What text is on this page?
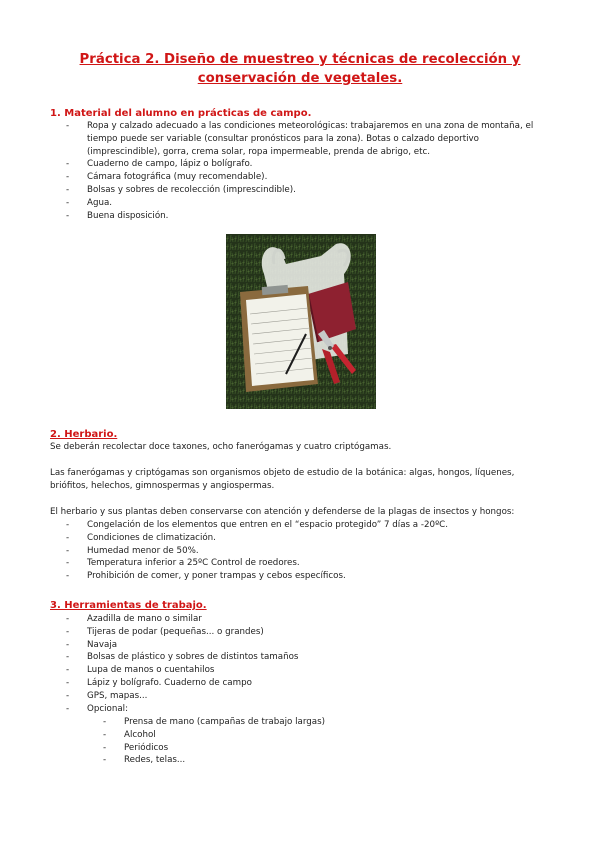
Práctica 2. Diseño de muestreo y técnicas de recolección y conservación de vegetales.
1. Material del alumno en prácticas de campo.
- Ropa y calzado adecuado a las condiciones meteorológicas: trabajaremos en una zona de montaña, el tiempo puede ser variable (consultar pronósticos para la zona). Botas o calzado deportivo (imprescindible), gorra, crema solar, ropa impermeable, prenda de abrigo, etc.
- Cuaderno de campo, lápiz o bolígrafo.
- Cámara fotográfica (muy recomendable).
- Bolsas y sobres de recolección (imprescindible).
- Agua.
- Buena disposición.
2. Herbario.
Se deberán recolectar doce taxones, ocho fanerógamas y cuatro criptógamas.
Las fanerógamas y criptógamas son organismos objeto de estudio de la botánica: algas, hongos, líquenes, briófitos, helechos, gimnospermas y angiospermas.
El herbario y sus plantas deben conservarse con atención y defenderse de la plagas de insectos y hongos:
- Congelación de los elementos que entren en el “espacio protegido” 7 días a -20ºC.
- Condiciones de climatización.
- Humedad menor de 50%.
- Temperatura inferior a 25ºC Control de roedores.
- Prohibición de comer, y poner trampas y cebos específicos.
3. Herramientas de trabajo.
- Azadilla de mano o similar
- Tijeras de podar (pequeñas... o grandes)
- Navaja
- Bolsas de plástico y sobres de distintos tamaños
- Lupa de manos o cuentahilos
- Lápiz y bolígrafo. Cuaderno de campo
- GPS, mapas...
- Opcional:
- Prensa de mano (campañas de trabajo largas)
- Alcohol
- Periódicos
- Redes, telas...
